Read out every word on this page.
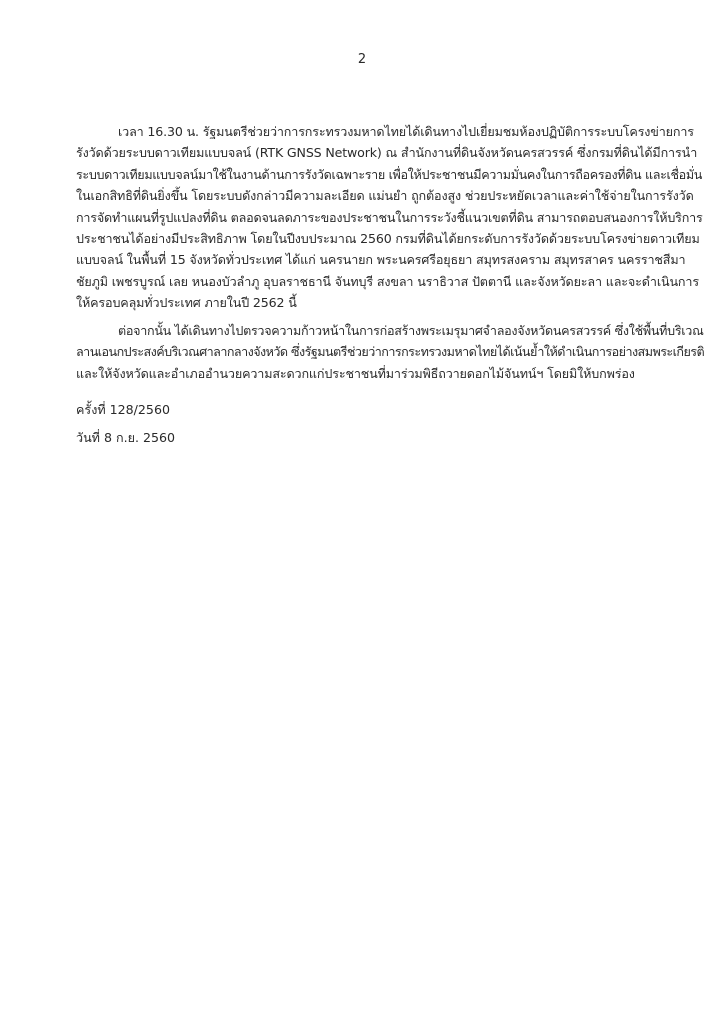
2
เวลา 16.30 น. รัฐมนตรีช่วยว่าการกระทรวงมหาดไทยได้เดินทางไปเยี่ยมชมห้องปฏิบัติการระบบโครงข่ายการ
รังวัดด้วยระบบดาวเทียมแบบจลน์ (RTK GNSS Network) ณ สำนักงานที่ดินจังหวัดนครสวรรค์ ซึ่งกรมที่ดินได้มีการนำ
ระบบดาวเทียมแบบจลน์มาใช้ในงานด้านการรังวัดเฉพาะราย เพื่อให้ประชาชนมีความมั่นคงในการถือครองที่ดิน และเชื่อมั่น
ในเอกสิทธิที่ดินยิ่งขึ้น โดยระบบดังกล่าวมีความละเอียด แม่นยำ ถูกต้องสูง ช่วยประหยัดเวลาและค่าใช้จ่ายในการรังวัด
การจัดทำแผนที่รูปแปลงที่ดิน ตลอดจนลดภาระของประชาชนในการระวังชี้แนวเขตที่ดิน สามารถตอบสนองการให้บริการ
ประชาชนได้อย่างมีประสิทธิภาพ โดยในปีงบประมาณ 2560 กรมที่ดินได้ยกระดับการรังวัดด้วยระบบโครงข่ายดาวเทียม
แบบจลน์ ในพื้นที่ 15 จังหวัดทั่วประเทศ ได้แก่ นครนายก พระนครศรีอยุธยา สมุทรสงคราม สมุทรสาคร นครราชสีมา
ชัยภูมิ เพชรบูรณ์ เลย หนองบัวลำภู อุบลราชธานี จันทบุรี สงขลา นราธิวาส ปัตตานี และจังหวัดยะลา และจะดำเนินการ
ให้ครอบคลุมทั่วประเทศ ภายในปี 2562 นี้
ต่อจากนั้น ได้เดินทางไปตรวจความก้าวหน้าในการก่อสร้างพระเมรุมาศจำลองจังหวัดนครสวรรค์ ซึ่งใช้พื้นที่บริเวณ
ลานเอนกประสงค์บริเวณศาลากลางจังหวัด ซึ่งรัฐมนตรีช่วยว่าการกระทรวงมหาดไทยได้เน้นย้ำให้ดำเนินการอย่างสมพระเกียรติ
และให้จังหวัดและอำเภออำนวยความสะดวกแก่ประชาชนที่มาร่วมพิธีถวายดอกไม้จันทน์ฯ โดยมิให้บกพร่อง
ครั้งที่ 128/2560
วันที่ 8 ก.ย. 2560
